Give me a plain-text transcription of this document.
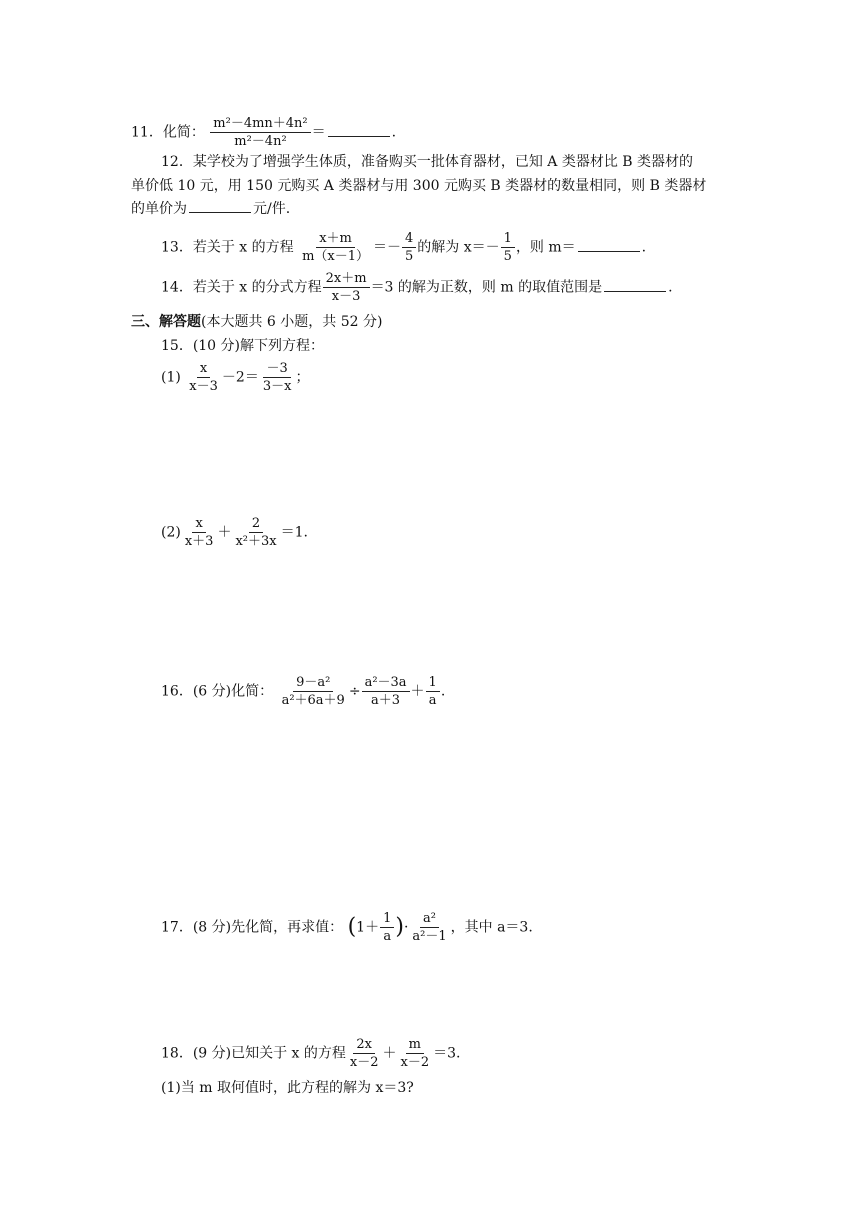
11．化简： $\frac{\text{m²－4mn＋4n²}}{\text{m²－4n²}}$ ＝	.
12．某学校为了增强学生体质，准备购买一批体育器材，已知 A 类器材比 B 类器材的
单价低 10 元，用 150 元购买 A 类器材与用 300 元购买 B 类器材的数量相同，则 B 类器材
的单价为	元/件.
13．若关于 x 的方程 $\frac{x+m}{m(x-1)} =- \frac{4}{5}$ 的解为 $x=- \frac{1}{5}$ ，则 m＝	.
14．若关于 x 的分式方程 $\frac{2x+m}{x-3} =3$ 的解为正数，则 m 的取值范围是	.
三、解答题(本大题共 6 小题，共 52 分)
15．(10 分)解下列方程：
$(1) \frac{x}{x-3} -2= \frac{-3}{3-x}$ ；
$(2) \frac{x}{x+3} + \frac{2}{\text{x²＋3x}} =1$.
16．(6 分)化简： $\frac{\text{9－a²}}{\text{a²＋6a＋9}} \div \frac{\text{a²－3a}}{a+3} + \frac{1}{a}$ .
17．(8 分)先化简，再求值： ($1+ \frac{1}{a}$ )· $\frac{\text{a²}}{\text{a²－1}}$ ，其中 a＝3.
18．(9 分)已知关于 x 的方程 $\frac{2x}{x-2} + \frac{m}{x-2} =3$.
(1)当 m 取何值时，此方程的解为 x＝3?
